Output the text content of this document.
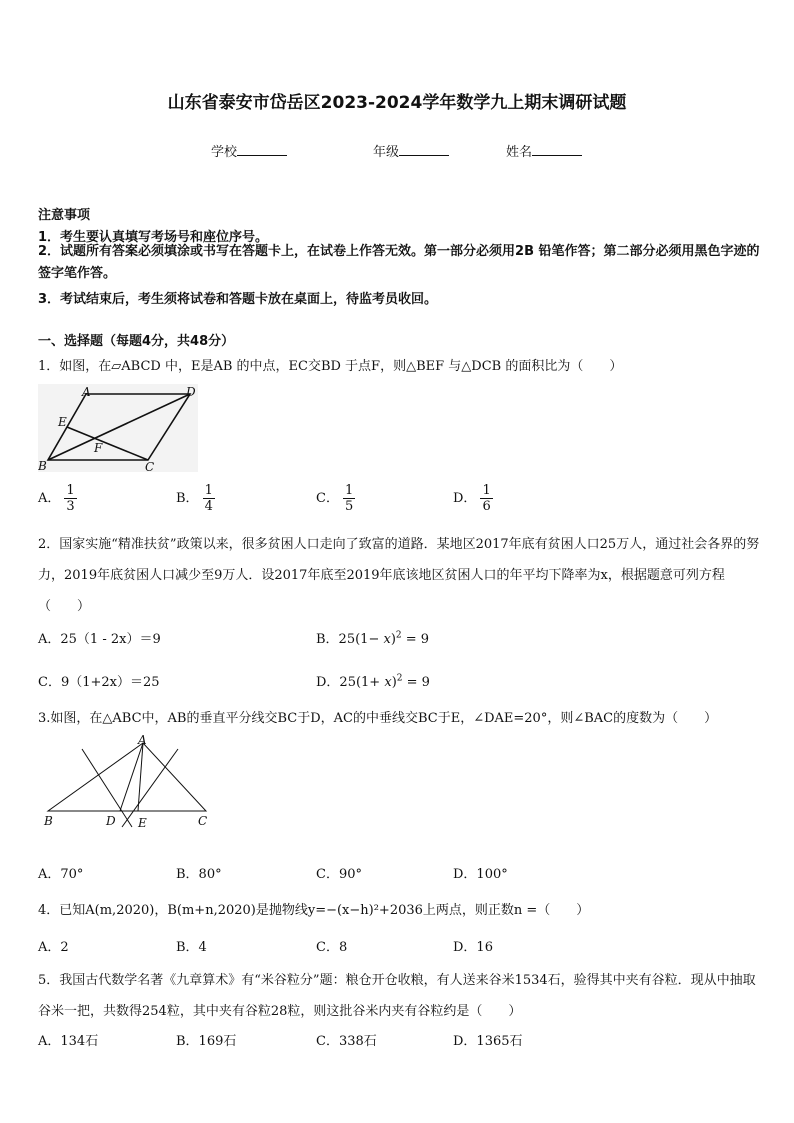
山东省泰安市岱岳区2023-2024学年数学九上期末调研试题
学校	年级	姓名
注意事项
1．考生要认真填写考场号和座位序号。
2．试题所有答案必须填涂或书写在答题卡上，在试卷上作答无效。第一部分必须用2B 铅笔作答；第二部分必须用黑色字迹的签字笔作答。
3．考试结束后，考生须将试卷和答题卡放在桌面上，待监考员收回。
一、选择题（每题4分，共48分）
1．如图，在▱ABCD 中，E是AB 的中点，EC交BD 于点F，则△BEF 与△DCB 的面积比为（　　）
A	D
E
F
B	C
A． $\frac{1}{3}$	B． $\frac{1}{4}$	C． $\frac{1}{5}$	D． $\frac{1}{6}$
2．国家实施“精准扶贫”政策以来，很多贫困人口走向了致富的道路．某地区2017年底有贫困人口25万人，通过社会各界的努力，2019年底贫困人口减少至9万人．设2017年底至2019年底该地区贫困人口的年平均下降率为x，根据题意可列方程（　　）
A．25（1 - 2x）＝9	B．$25(1- x)^2 = 9$
C．9（1+2x）＝25	D．$25(1+ x)^2 = 9$
3.如图，在△ABC中，AB的垂直平分线交BC于D，AC的中垂线交BC于E，∠DAE=20°，则∠BAC的度数为（　　）
A
B	D E	C
A．70°	B．80°	C．90°	D．100°
4．已知A(m,2020)，B(m+n,2020)是抛物线y=−(x−h)²+2036上两点，则正数n =（　　）
A．2	B．4	C．8	D．16
5．我国古代数学名著《九章算术》有“米谷粒分”题：粮仓开仓收粮，有人送来谷米1534石，验得其中夹有谷粒．现从中抽取谷米一把，共数得254粒，其中夹有谷粒28粒，则这批谷米内夹有谷粒约是（　　）
A．134石	B．169石	C．338石	D．1365石
